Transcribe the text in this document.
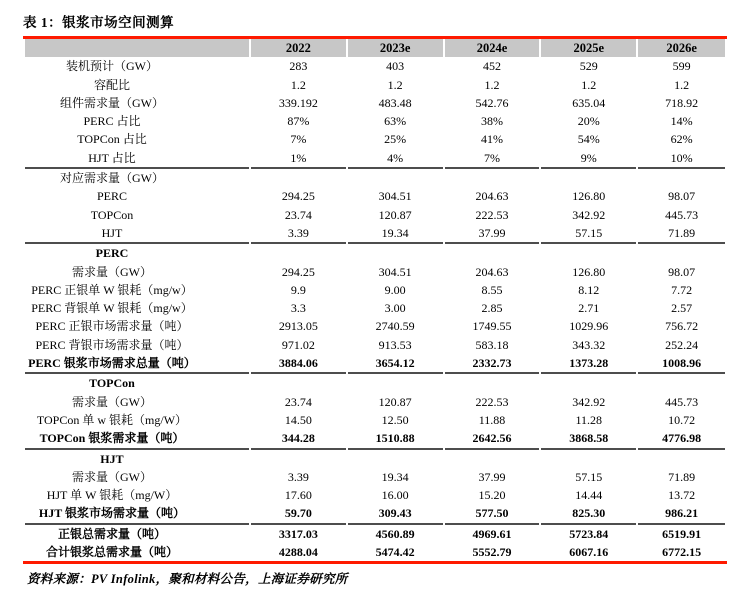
表 1：银浆市场空间测算
	2022	2023e	2024e	2025e	2026e
装机预计（GW）	283	403	452	529	599
容配比	1.2	1.2	1.2	1.2	1.2
组件需求量（GW）	339.192	483.48	542.76	635.04	718.92
PERC 占比	87%	63%	38%	20%	14%
TOPCon 占比	7%	25%	41%	54%	62%
HJT 占比	1%	4%	7%	9%	10%
对应需求量（GW）					
PERC	294.25	304.51	204.63	126.80	98.07
TOPCon	23.74	120.87	222.53	342.92	445.73
HJT	3.39	19.34	37.99	57.15	71.89
PERC					
需求量（GW）	294.25	304.51	204.63	126.80	98.07
PERC 正银单 W 银耗（mg/w）	9.9	9.00	8.55	8.12	7.72
PERC 背银单 W 银耗（mg/w）	3.3	3.00	2.85	2.71	2.57
PERC 正银市场需求量（吨）	2913.05	2740.59	1749.55	1029.96	756.72
PERC 背银市场需求量（吨）	971.02	913.53	583.18	343.32	252.24
PERC 银浆市场需求总量（吨）	3884.06	3654.12	2332.73	1373.28	1008.96
TOPCon					
需求量（GW）	23.74	120.87	222.53	342.92	445.73
TOPCon 单 w 银耗（mg/W）	14.50	12.50	11.88	11.28	10.72
TOPCon 银浆需求量（吨）	344.28	1510.88	2642.56	3868.58	4776.98
HJT					
需求量（GW）	3.39	19.34	37.99	57.15	71.89
HJT 单 W 银耗（mg/W）	17.60	16.00	15.20	14.44	13.72
HJT 银浆市场需求量（吨）	59.70	309.43	577.50	825.30	986.21
正银总需求量（吨）	3317.03	4560.89	4969.61	5723.84	6519.91
合计银浆总需求量（吨）	4288.04	5474.42	5552.79	6067.16	6772.15
资料来源：PV Infolink，聚和材料公告，上海证券研究所
